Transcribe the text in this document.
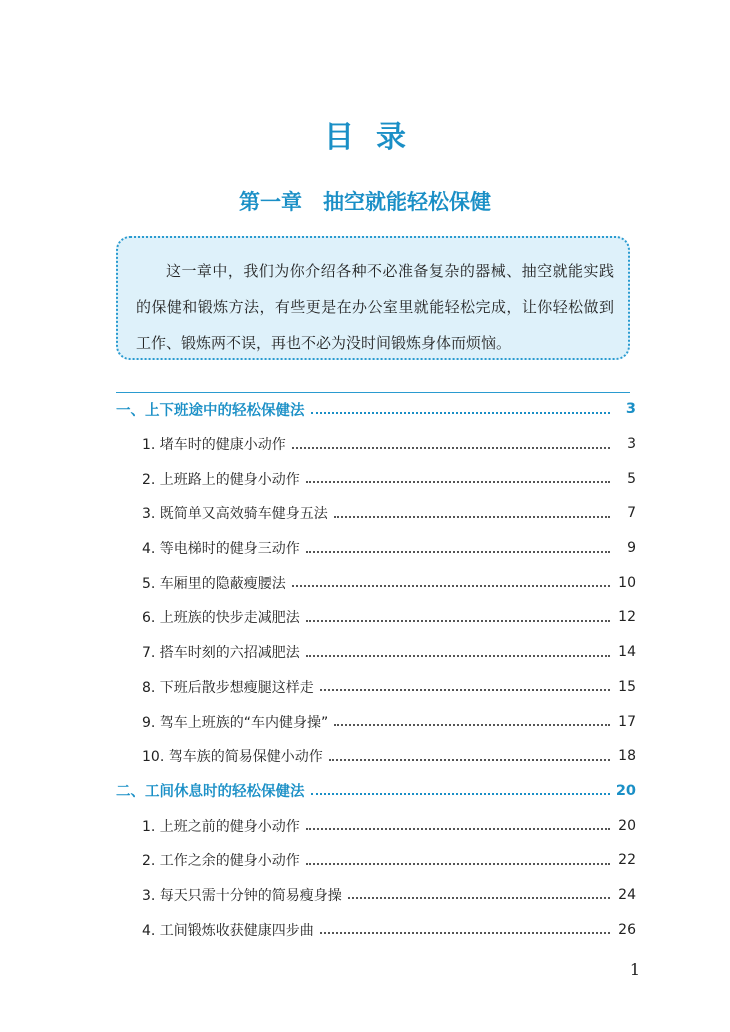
目录
第一章　抽空就能轻松保健
这一章中，我们为你介绍各种不必准备复杂的器械、抽空就能实践的保健和锻炼方法，有些更是在办公室里就能轻松完成，让你轻松做到工作、锻炼两不误，再也不必为没时间锻炼身体而烦恼。
一、上下班途中的轻松保健法	3
1. 堵车时的健康小动作	3
2. 上班路上的健身小动作	5
3. 既简单又高效骑车健身五法	7
4. 等电梯时的健身三动作	9
5. 车厢里的隐蔽瘦腰法	10
6. 上班族的快步走减肥法	12
7. 搭车时刻的六招减肥法	14
8. 下班后散步想瘦腿这样走	15
9. 驾车上班族的“车内健身操”	17
10. 驾车族的简易保健小动作	18
二、工间休息时的轻松保健法	20
1. 上班之前的健身小动作	20
2. 工作之余的健身小动作	22
3. 每天只需十分钟的简易瘦身操	24
4. 工间锻炼收获健康四步曲	26
1
